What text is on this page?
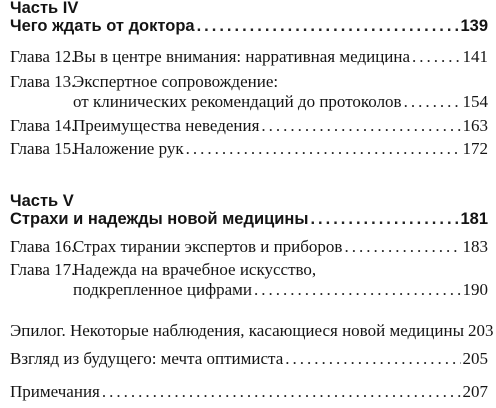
Часть IV
Чего ждать от доктора .....	139
Глава 12.Вы в центре внимания: нарративная медицина .....	141
Глава 13.Экспертное сопровождение:
от клинических рекомендаций до протоколов .....	154
Глава 14.Преимущества неведения .....	163
Глава 15.Наложение рук .....	172
Часть V
Страхи и надежды новой медицины .....	181
Глава 16.Страх тирании экспертов и приборов .....	183
Глава 17.Надежда на врачебное искусство,
подкрепленное цифрами .....	190
Эпилог. Некоторые наблюдения, касающиеся новой медицины 203
Взгляд из будущего: мечта оптимиста .....	205
Примечания .....	207
